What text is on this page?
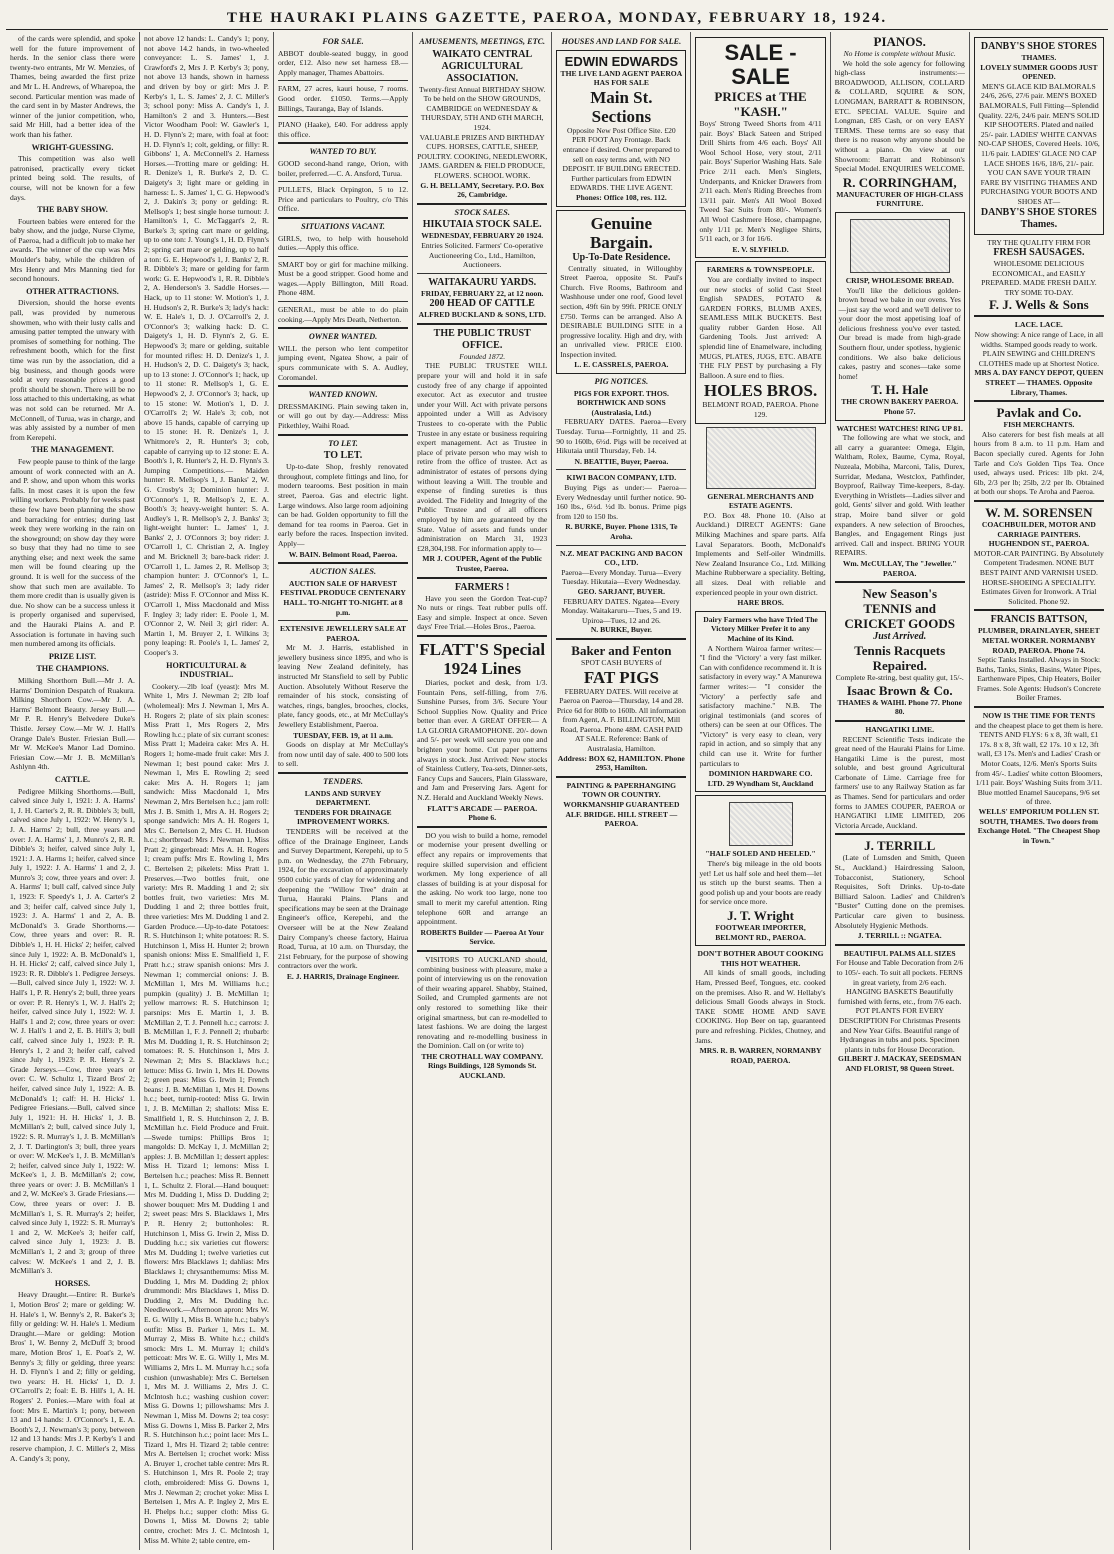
THE HAURAKI PLAINS GAZETTE, PAEROA, MONDAY, FEBRUARY 18, 1924.
of the cards were splendid, and spoke well for the future improvement of herds. In the senior class there were twenty-two entrants, Mr W. Menzies, of Thames, being awarded the first prize and Mr L. H. Andrews, of Wharepoa, the second. Particular mention was made of the card sent in by Master Andrews, the winner of the junior competition, who, said Mr Hill, had a better idea of the work than his father.
WRIGHT-GUESSING.
This competition was also well patronised, practically every ticket printed being sold. The results, of course, will not be known for a few days.
THE BABY SHOW.
Fourteen babies were entered for the baby show, and the judge, Nurse Clyme, of Paeroa, had a difficult job to make her awards. The winner of the cup was Mrs Moulder's baby, while the children of Mrs Henry and Mrs Manning tied for second honours.
OTHER ATTRACTIONS.
Diversion, should the horse events pall, was provided by numerous showmen, who with their lusty calls and amusing patter tempted the unwary with promises of something for nothing. The refreshment booth, which for the first time was run by the association, did a big business, and though goods were sold at very reasonable prices a good profit should be shown. There will be no loss attached to this undertaking, as what was not sold can be returned. Mr A. McConnell, of Turua, was in charge, and was ably assisted by a number of men from Kerepehi.
THE MANAGEMENT.
Few people pause to think of the large amount of work connected with an A. and P. show, and upon whom this works falls. In most cases it is upon the few willing workers. Probably for weeks past these few have been planning the show and barracking for entries; during last week they were working in the rain on the showground; on show day they were so busy that they had no time to see anything else; and next week the same men will be found clearing up the ground. It is well for the success of the show that such men are available. To them more credit than is usually given is due. No show can be a success unless it is properly organised and supervised, and the Hauraki Plains A. and P. Association is fortunate in having such men numbered among its officials.
PRIZE LIST.
THE CHAMPIONS.
Milking Shorthorn Bull.—Mr J. A. Harms' Dominion Despatch of Ruakura. Milking Shorthorn Cow.—Mr J. A. Harms' Belmont Beauty. Jersey Bull.—Mr P. R. Henry's Belvedere Duke's Thistle. Jersey Cow.—Mr W. J. Hall's Orange Dale's Buster. Friesian Bull.—Mr W. McKee's Manor Lad Domino. Friesian Cow.—Mr J. B. McMillan's Ashlynn 4th.
CATTLE.
Pedigree Milking Shorthorns.—Bull, calved since July 1, 1921: J. A. Harms' 1, J. H. Carter's 2, R. R. Dibble's 3; bull, calved since July 1, 1922: W. Henry's 1, J. A. Harms' 2; bull, three years and over: J. A. Harms' 1, J. Munro's 2, R. R. Dibble's 3; heifer, calved since July 1, 1921: J. A. Harms 1; heifer, calved since July 1, 1922: J. A. Harms' 1 and 2, J. Munro's 3; cow, three years and over: J. A. Harms' 1; bull calf, calved since July 1, 1923: F. Speedy's 1, J. A. Carter's 2 and 3; heifer calf, calved since July 1, 1923: J. A. Harms' 1 and 2, A. B. McDonald's 3. Grade Shorthorns.—Cow, three years and over: R. R. Dibble's 1, H. H. Hicks' 2; heifer, calved since July 1, 1922: A. B. McDonald's 1, H. H. Hicks' 2; calf, calved since July 1, 1923: R. R. Dibble's 1. Pedigree Jerseys.—Bull, calved since July 1, 1922: W. J. Hall's 1, P. R. Henry's 2; bull, three years or over: P. R. Henry's 1, W. J. Hall's 2; heifer, calved since July 1, 1922: W. J. Hall's 1 and 2; cow, three years or over: W. J. Hall's 1 and 2, E. B. Hill's 3; bull calf, calved since July 1, 1923: P. R. Henry's 1, 2 and 3; heifer calf, calved since July 1, 1923: P. R. Henry's 2. Grade Jerseys.—Cow, three years or over: C. W. Schultz 1, Tizard Bros' 2; heifer, calved since July 1, 1922: A. B. McDonald's 1; calf: H. H. Hicks' 1. Pedigree Friesians.—Bull, calved since July 1, 1921: H. H. Hicks' 1, J. B. McMillan's 2; bull, calved since July 1, 1922: S. R. Murray's 1, J. B. McMillan's 2, J. T. Darlington's 3; bull, three years or over: W. McKee's 1, J. B. McMillan's 2; heifer, calved since July 1, 1922: W. McKee's 1, J. B. McMillan's 2; cow, three years or over: J. B. McMillan's 1 and 2, W. McKee's 3. Grade Friesians.—Cow, three years or over: J. B. McMillan's 1, S. R. Murray's 2; heifer, calved since July 1, 1922: S. R. Murray's 1 and 2, W. McKee's 3; heifer calf, calved since July 1, 1923: J. B. McMillan's 1, 2 and 3; group of three calves: W. McKee's 1 and 2, J. B. McMillan's 3.
HORSES.
Heavy Draught.—Entire: R. Burke's 1, Motion Bros' 2; mare or gelding: W. H. Hale's 1, W. Benny's 2, R. Baker's 3; filly or gelding: W. H. Hale's 1. Medium Draught.—Mare or gelding: Motion Bros' 1, W. Benny 2, McDuff 3; brood mare, Motion Bros' 1, E. Poat's 2, W. Benny's 3; filly or gelding, three years: H. D. Flynn's 1 and 2; filly or gelding, two years: H. H. Hicks' 1, D. J. O'Carroll's 2; foal: E. B. Hill's 1, A. H. Rogers' 2. Ponies.—Mare with foal at foot: Mrs E. Martin's 1; pony, between 13 and 14 hands: J. O'Connor's 1, E. A. Booth's 2, J. Newman's 3; pony, between 12 and 13 hands: Mrs J. P. Kerby's 1 and reserve champion, J. C. Miller's 2, Miss A. Candy's 3; pony,
not above 12 hands: L. Candy's 1; pony, not above 14.2 hands, in two-wheeled conveyance: L. S. James' 1, J. Crawford's 2, Mrs J. P. Kerby's 3; pony, not above 13 hands, shown in harness and driven by boy or girl: Mrs J. P. Kerby's 1, L. S. James' 2, J. C. Miller's 3; school pony: Miss A. Candy's 1, J. Hamilton's 2 and 3. Hunters.—Best Victor Woodham Pool: W. Gawler's 1, H. D. Flynn's 2; mare, with foal at foot: H. D. Flynn's 1; colt, gelding, or filly: R. Gibbons' 1, A. McConnell's 2. Harness Horses.—Trotting mare or gelding: H. R. Denize's 1, R. Burke's 2, D. C. Daigety's 3; light mare or gelding in harness: L. S. James' 1, C. G. Hepwood's 2, J. Dakin's 3; pony or gelding: R. Mellsop's 1; best single horse turnout: J. Hamilton's 1, C. McTaggart's 2, R. Burke's 3; spring cart mare or gelding, up to one ton: J. Young's 1, H. D. Flynn's 2; spring cart mare or gelding, up to half a ton: G. E. Hepwood's 1, J. Banks' 2, R. R. Dibble's 3; mare or gelding for farm work: G. E. Hepwood's 1, R. R. Dibble's 2, A. Henderson's 3. Saddle Horses.—Hack, up to 11 stone: W. Motion's 1, J. H. Hudson's 2, R. Burke's 3; lady's hack: W. E. Hale's 1, D. J. O'Carroll's 2, J. O'Connor's 3; walking hack: D. C. Daigety's 1, H. D. Flynn's 2, G. E. Hepwood's 3; mare or gelding, suitable for mounted rifles: H. D. Denize's 1, J. H. Hudson's 2, D. C. Daigety's 3; hack, up to 13 stone: J. O'Connor's 1; hack, up to 11 stone: R. Mellsop's 1, G. E. Hepwood's 2, J. O'Connor's 3; hack, up to 15 stone: W. Motion's 1, D. J. O'Carroll's 2; W. Hale's 3; cob, not above 15 hands, capable of carrying up to 15 stone: H. R. Denize's 1, J. Whitmore's 2, R. Hunter's 3; cob, capable of carrying up to 12 stone: E. A. Booth's 1, R. Hunter's 2, H. D. Flynn's 3. Jumping Competitions.— Maiden hunter: R. Mellsop's 1, J. Banks' 2, W. G. Crosby's 3; Dominion hunter: J. O'Connor's 1, R. Mellsop's 2, E. A. Booth's 3; heavy-weight hunter: S. A. Audley's 1, R. Mellsop's 2, J. Banks' 3; light-weight hunter: L. James' 1, J. Banks' 2, J. O'Connors 3; boy rider: J. O'Carroll 1, C. Christian 2, A. Ingley and M. Bricknell 3; bare-back rider: J. O'Carroll 1, L. James 2, R. Mellsop 3; champion hunter: J. O'Connor's 1, L. James' 2, R. Mellsop's 3; lady rider (astride): Miss F. O'Connor and Miss K. O'Carroll 1, Miss Macdonald and Miss F. Ingley 3; lady rider: E. Poole 1, M. O'Connor 2, W. Neil 3; girl rider: A. Martin 1, M. Bruyer 2, I. Wilkins 3; pony leaping: R. Poole's 1, L. James' 2, Cooper's 3.
HORTICULTURAL & INDUSTRIAL.
Cookery.—2lb loaf (yeast): Mrs M. White 1, Mrs J. Newman 2; 2lb loaf (wholemeal): Mrs J. Newman 1, Mrs A. H. Rogers 2; plate of six plain scones: Miss Pratt 1, Mrs Rogers 2, Mrs Rowling h.c.; plate of six currant scones: Miss Pratt 1; Madeira cake: Mrs A. H. Rogers 1; home-made fruit cake: Mrs J. Newman 1; best pound cake: Mrs J. Newman 1, Mrs E. Rowling 2; seed cake: Mrs A. H. Rogers 1; jam sandwich: Miss Macdonald 1, Mrs Newman 2, Mrs Bertelsen h.c.; jam roll: Mrs J. B. Smith 1, Mrs A. H. Rogers 2; sponge sandwich: Mrs A. H. Rogers 1, Mrs C. Bertelson 2, Mrs C. H. Hudson h.c.; shortbread: Mrs J. Newman 1, Miss Pratt 2; gingerbread: Mrs A. H. Rogers 1; cream puffs: Mrs E. Rowling 1, Mrs C. Bertelsen 2; pikelets: Miss Pratt 1. Preserves.—Two bottles fruit, one variety: Mrs R. Madding 1 and 2; six bottles fruit, two varieties: Mrs M. Dudding 1 and 2; three bottles fruit, three varieties: Mrs M. Dudding 1 and 2. Garden Produce.—Up-to-date Potatoes: R. S. Hutchinson 1; white potatoes: R. S. Hutchinson 1, Miss H. Hunter 2; brown spanish onions: Miss E. Smallfield 1, F. Pratt h.c.; straw spanish onions: Mrs J. Newman 1; commercial onions: J. B. McMillan 1, Mrs M. Williams h.c.; pumpkin (quality) J. B. McMillan 1; yellow marrows: R. S. Hutchinson 1; parsnips: Mrs E. Martin 1, J. B. McMillan 2, T. J. Pennell h.c.; carrots: J. B. McMillan 1, F. J. Pennell 2; rhubarb: Mrs M. Dudding 1, R. S. Hutchinson 2; tomatoes: R. S. Hutchinson 1, Mrs J. Newman 2; Mrs S. Blacklaws h.c.; lettuce: Miss G. Irwin 1, Mrs H. Downs 2; green peas: Miss G. Irwin 1; French beans: J. B. McMillan 1, Mrs H. Downs h.c.; beet, turnip-rooted: Miss G. Irwin 1, J. B. McMillan 2; shallots: Miss E. Smallfield 1, R. S. Hutchinson 2, J. B. McMillan h.c. Field Produce and Fruit.—Swede turnips: Phillips Bros 1; mangolds: D. McKay 1, J. McMillan 2; apples: J. B. McMillan 1; dessert apples: Miss H. Tizard 1; lemons: Miss I. Bertelsen h.c.; peaches: Miss R. Bennett 1, L. Schultz 2. Floral.—Hand bouquet: Mrs M. Dudding 1, Miss D. Dudding 2; shower bouquet: Mrs M. Dudding 1 and 2; sweet peas: Mrs S. Blacklaws 1, Mrs P. R. Henry 2; buttonholes: R. Hutchinson 1, Miss G. Irwin 2, Miss D. Dudding h.c.; six varieties cut flowers: Mrs M. Dudding 1; twelve varieties cut flowers: Mrs Blacklaws 1; dahlias: Mrs Blacklaws 1; chrysanthemums: Miss M. Dudding 1, Mrs M. Dudding 2; phlox drummondi: Mrs Blacklaws 1, Miss D. Dudding 2, Mrs M. Dudding h.c. Needlework.—Afternoon apron: Mrs W. E. G. Willy 1, Miss B. White h.c.; baby's outfit: Miss B. Parker 1, Mrs L. M. Murray 2, Miss B. White h.c.; child's smock: Mrs L. M. Murray 1; child's petticoat: Mrs W. E. G. Willy 1, Mrs M. Williams 2, Mrs L. M. Murray h.c.; sofa cushion (unwashable): Mrs C. Bertelsen 1, Mrs M. J. Williams 2, Mrs J. C. McIntosh h.c.; washing cushion cover: Miss G. Downs 1; pillowshams: Mrs J. Newman 1, Miss M. Downs 2; tea cosy: Miss G. Downs 1, Miss B. Parker 2, Mrs R. S. Hutchinson h.c.; point lace: Mrs L. Tizard 1, Mrs H. Tizard 2; table centre: Mrs A. Bertelsen 1; crochet work: Miss A. Bruyer 1, crochet table centre: Mrs R. S. Hutchinson 1, Mrs R. Poole 2; tray cloth, embroidered: Miss G. Downs 1, Mrs J. Newman 2; crochet yoke: Miss I. Bertelsen 1, Mrs A. P. Ingley 2, Mrs E. H. Phelps h.c.; supper cloth: Miss G. Downs 1, Miss M. Downs 2; table centre, crochet: Mrs J. C. McIntosh 1, Miss M. White 2; table centre, em-
FOR SALE.
ABBOT double-seated buggy, in good order, £12. Also new set harness £8.—Apply manager, Thames Abattoirs.
FARM, 27 acres, kauri house, 7 rooms. Good order. £1050. Terms.—Apply Billings, Tauranga, Bay of Islands.
PIANO (Haake), £40. For address apply this office.
WANTED TO BUY.
GOOD second-hand range, Orion, with boiler, preferred.—C. A. Ansford, Turua.
PULLETS, Black Orpington, 5 to 12. Price and particulars to Poultry, c/o This Office.
SITUATIONS VACANT.
GIRLS, two, to help with household duties.—Apply this office.
SMART boy or girl for machine milking. Must be a good stripper. Good home and wages.—Apply Billington, Mill Road. Phone 48M.
GENERAL, must be able to do plain cooking.—Apply Mrs Death, Netherton.
OWNER WANTED.
WILL the person who lent competitor jumping event, Ngatea Show, a pair of spurs communicate with S. A. Audley, Coromandel.
WANTED KNOWN.
DRESSMAKING. Plain sewing taken in, or will go out by day.—Address: Miss Pitkethley, Waihi Road.
TO LET.
TO LET.
Up-to-date Shop, freshly renovated throughout, complete fittings and lino, for modern tearooms. Best position in main street, Paeroa. Gas and electric light. Large windows. Also large room adjoining can be had. Golden opportunity to fill the demand for tea rooms in Paeroa. Get in early before the races. Inspection invited. Apply—
W. BAIN. Belmont Road, Paeroa.
AUCTION SALES.
AUCTION SALE OF HARVEST FESTIVAL PRODUCE CENTENARY HALL. TO-NIGHT TO-NIGHT. at 8 p.m.
EXTENSIVE JEWELLERY SALE AT PAEROA.
Mr M. J. Harris, established in jewellery business since 1895, and who is leaving New Zealand definitely, has instructed Mr Stansfield to sell by Public Auction. Absolutely Without Reserve the remainder of his stock, consisting of watches, rings, bangles, brooches, clocks, plate, fancy goods, etc., at Mr McCullay's Jewellery Establishment, Paeroa.
TUESDAY, FEB. 19, at 11 a.m.
Goods on display at Mr McCullay's from now until day of sale. 400 to 500 lots to sell.
TENDERS.
LANDS AND SURVEY DEPARTMENT.
TENDERS FOR DRAINAGE IMPROVEMENT WORKS.
TENDERS will be received at the office of the Drainage Engineer, Lands and Survey Department, Kerepehi, up to 5 p.m. on Wednesday, the 27th February, 1924, for the excavation of approximately 9500 cubic yards of clay for widening and deepening the "Willow Tree" drain at Turua, Hauraki Plains. Plans and specifications may be seen at the Drainage Engineer's office, Kerepehi, and the Overseer will be at the New Zealand Dairy Company's cheese factory, Hairua Road, Turua, at 10 a.m. on Thursday, the 21st February, for the purpose of showing contractors over the work.
E. J. HARRIS, Drainage Engineer.
AMUSEMENTS, MEETINGS, ETC.
WAIKATO CENTRAL AGRICULTURAL ASSOCIATION.
Twenty-first Annual BIRTHDAY SHOW. To be held on the SHOW GROUNDS, CAMBRIDGE on WEDNESDAY & THURSDAY, 5TH AND 6TH MARCH, 1924.
VALUABLE PRIZES AND BIRTHDAY CUPS. HORSES, CATTLE, SHEEP, POULTRY. COOKING, NEEDLEWORK, JAMS. GARDEN & FIELD PRODUCE, FLOWERS. SCHOOL WORK.
G. H. BELLAMY, Secretary. P.O. Box 26, Cambridge.
STOCK SALES.
HIKUTAIA STOCK SALE.
WEDNESDAY, FEBRUARY 20 1924.
Entries Solicited. Farmers' Co-operative Auctioneering Co., Ltd., Hamilton, Auctioneers.
WAITAKAURU YARDS.
FRIDAY, FEBRUARY 22, at 12 noon.
200 HEAD OF CATTLE
ALFRED BUCKLAND & SONS, LTD.
THE PUBLIC TRUST OFFICE.
Founded 1872.
THE PUBLIC TRUSTEE WILL prepare your will and hold it in safe custody free of any charge if appointed executor. Act as executor and trustee under your Will. Act with private persons appointed under a Will as Advisory Trustees to co-operate with the Public Trustee in any estate or business requiring expert management. Act as Trustee in place of private person who may wish to retire from the office of trustee. Act as administrator of estates of persons dying without leaving a Will. The trouble and expense of finding sureties is thus avoided. The Fidelity and Integrity of the Public Trustee and of all officers employed by him are guaranteed by the State. Value of assets and funds under administration on March 31, 1923 £28,304,198. For information apply to—
MR J. COUPER, Agent of the Public Trustee, Paeroa.
FARMERS !
Have you seen the Gordon Teat-cup? No nuts or rings. Teat rubber pulls off. Easy and simple. Inspect at once. Seven days' Free Trial.—Holes Bros., Paeroa.
FLATT'S Special 1924 Lines
Diaries, pocket and desk, from 1/3. Fountain Pens, self-filling, from 7/6. Sunshine Purses, from 3/6. Secure Your School Supplies Now. Quality and Price better than ever. A GREAT OFFER— A LA GLORIA GRAMOPHONE. 20/- down and 5/- per week will secure you one and brighten your home. Cut paper patterns always in stock. Just Arrived: New stocks of Stainless Cutlery, Tea-sets, Dinner-sets, Fancy Cups and Saucers, Plain Glassware, and Jam and Preserving Jars. Agent for N.Z. Herald and Auckland Weekly News.
FLATT'S ARCADE — PAEROA. Phone 6.
DO you wish to build a home, remodel or modernise your present dwelling or effect any repairs or improvements that require skilled supervision and efficient workmen. My long experience of all classes of building is at your disposal for the asking. No work too large, none too small to merit my careful attention. Ring telephone 60R and arrange an appointment.
ROBERTS Builder — Paeroa At Your Service.
VISITORS TO AUCKLAND should, combining business with pleasure, make a point of interviewing us on the renovation of their wearing apparel. Shabby, Stained, Soiled, and Crumpled garments are not only restored to something like their original smartness, but can re-modelled to latest fashions. We are doing the largest renovating and re-modelling business in the Dominion. Call on (or write to)
THE CROTHALL WAY COMPANY. Rings Buildings, 128 Symonds St. AUCKLAND.
HOUSES AND LAND FOR SALE.
EDWIN EDWARDS
THE LIVE LAND AGENT PAEROA HAS FOR SALE
Main St. Sections
Opposite New Post Office Site. £20 PER FOOT Any Frontage. Back entrance if desired. Owner prepared to sell on easy terms and, with NO DEPOSIT. IF BUILDING ERECTED. Further particulars from EDWIN EDWARDS. THE LIVE AGENT.
Phones: Office 108, res. 112.
Genuine Bargain.
Up-To-Date Residence.
Centrally situated, in Willoughby Street Paeroa, opposite St. Paul's Church. Five Rooms, Bathroom and Washhouse under one roof, Good level section, 49ft 6in by 99ft. PRICE ONLY £750. Terms can be arranged. Also A DESIRABLE BUILDING SITE in a progressive locality. High and dry, with an unrivalled view. PRICE £100. Inspection invited.
L. E. CASSRELS, PAEROA.
PIG NOTICES.
PIGS FOR EXPORT. THOS. BORTHWICK AND SONS (Australasia, Ltd.)
FEBRUARY DATES. Paeroa—Every Tuesday. Turua—Fortnightly, 11 and 25. 90 to 160lb, 6½d. Pigs will be received at Hikutaia until Thursday, Feb. 14.
N. BEATTIE, Buyer, Paeroa.
KIWI BACON COMPANY, LTD.
Buying Pigs as under:— Paeroa—Every Wednesday until further notice. 90-160 lbs., 6½d. ½d lb. bonus. Prime pigs from 120 to 150 lbs.
R. BURKE, Buyer. Phone 131S, Te Aroha.
N.Z. MEAT PACKING AND BACON CO., LTD.
Paeroa—Every Monday. Turua—Every Tuesday. Hikutaia—Every Wednesday.
GEO. SARJANT, BUYER.
FEBRUARY DATES. Ngatea—Every Monday. Waitakaruru—Tues, 5 and 19. Upiroa—Tues, 12 and 26.
N. BURKE, Buyer.
Baker and Fenton
SPOT CASH BUYERS of
FAT PIGS
FEBRUARY DATES. Will receive at Paeroa on Paeroa—Thursday, 14 and 28. Price 6d for 80lb to 160lb. All information from Agent, A. F. BILLINGTON, Mill Road, Paeroa. Phone 48M. CASH PAID AT SALE. Reference: Bank of Australasia, Hamilton.
Address: BOX 62, HAMILTON. Phone 2953, Hamilton.
PAINTING & PAPERHANGING TOWN OR COUNTRY. WORKMANSHIP GUARANTEED ALF. BRIDGE. HILL STREET — PAEROA.
SALE - SALE
PRICES at THE "KASH."
Boys' Strong Tweed Shorts from 4/11 pair. Boys' Black Sateen and Striped Drill Shirts from 4/6 each. Boys' All Wool School Hose, very stout, 2/11 pair. Boys' Superior Washing Hats. Sale Price 2/11 each. Men's Singlets, Underpants, and Knicker Drawers from 2/11 each. Men's Riding Breeches from 13/11 pair. Men's All Wool Boxed Tweed Sac Suits from 80/-. Women's All Wool Cashmere Hose, champagne, only 1/11 pr. Men's Negligee Shirts, 5/11 each, or 3 for 16/6.
E. V. SLYFIELD.
FARMERS & TOWNSPEOPLE.
You are cordially invited to inspect our new stocks of solid Cast Steel English SPADES, POTATO & GARDEN FORKS, BLUMB AXES, SEAMLESS MILK BUCKETS. Best quality rubber Garden Hose. All Gardening Tools. Just arrived: A splendid line of Enamelware, including MUGS, PLATES, JUGS, ETC. ABATE THE FLY PEST by purchasing a Fly Balloon. A sure end to flies.
HOLES BROS.
BELMONT ROAD, PAEROA. Phone 129.
GENERAL MERCHANTS AND ESTATE AGENTS.
P.O. Box 48. Phone 10. (Also at Auckland.) DIRECT AGENTS: Gane Milking Machines and spare parts. Alfa Laval Separators. Booth, McDonald's Implements and Self-oiler Windmills. New Zealand Insurance Co., Ltd. Milking Machine Rubberware a speciality. Belting, all sizes. Deal with reliable and experienced people in your own district.
HARE BROS.
Dairy Farmers who have Tried The Victory Milker Prefer it to any Machine of its Kind.
A Northern Wairoa farmer writes:— "I find the 'Victory' a very fast milker. Can with confidence recommend it. It is satisfactory in every way." A Manurewa farmer writes:— "I consider the 'Victory' a perfectly safe and satisfactory machine." N.B. The original testimonials (and scores of others) can be seen at our Offices. The "Victory" is very easy to clean, very rapid in action, and so simply that any child can use it. Write for further particulars to
DOMINION HARDWARE CO. LTD. 29 Wyndham St, Auckland
"HALF SOLED AND HEELED."
There's big mileage in the old boots yet! Let us half sole and heel them—let us stitch up the burst seams. Then a good polish up and your boots are ready for service once more.
J. T. Wright
FOOTWEAR IMPORTER, BELMONT RD., PAEROA.
DON'T BOTHER ABOUT COOKING THIS HOT WEATHER.
All kinds of small goods, including Ham, Pressed Beef, Tongues, etc. cooked on the premises. Also R. and W. Hellaby's delicious Small Goods always in Stock. TAKE SOME HOME AND SAVE COOKING. Hop Beer on tap, guaranteed pure and refreshing. Pickles, Chutney, and Jams.
MRS. R. B. WARREN, NORMANBY ROAD, PAEROA.
PIANOS.
No Home is complete without Music.
We hold the sole agency for following high-class instruments:— BROADWOOD, ALLISON, COLLARD & COLLARD, SQUIRE & SON, LONGMAN, BARRATT & ROBINSON, ETC. SPECIAL VALUE. Squire and Longman, £85 Cash, or on very EASY TERMS. These terms are so easy that there is no reason why anyone should be without a piano. On view at our Showroom: Barratt and Robinson's Special Model. ENQUIRIES WELCOME.
R. CORRINGHAM,
MANUFACTURER OF HIGH-CLASS FURNITURE.
CRISP, WHOLESOME BREAD.
You'll like the delicious golden-brown bread we bake in our ovens. Yes—just say the word and we'll deliver to your door the most appetising loaf of delicious freshness you've ever tasted. Our bread is made from high-grade Southern flour, under spotless, hygienic conditions. We also bake delicious cakes, pastry and scones—take some home!
T. H. Hale
THE CROWN BAKERY PAEROA. Phone 57.
WATCHES! WATCHES! RING UP 81.
The following are what we stock, and all carry a guarantee: Omega, Elgin, Waltham, Rolex, Baume, Cyma, Royal, Nuzeala, Mobiha, Marconi, Talis, Durex, Surridar, Medana, Westclox, Pathfinder, Boyproof, Railway Time-keepers, 8-day. Everything in Wristlets—Ladies silver and gold, Gents' silver and gold. With leather strap, Moire band silver or gold expanders. A new selection of Brooches, Bangles, and Engagement Rings just arrived. Call and inspect. BRING YOUR REPAIRS.
Wm. McCULLAY, The "Jeweller." PAEROA.
New Season's
TENNIS and CRICKET GOODS
Just Arrived.
Tennis Racquets Repaired.
Complete Re-string, best quality gut, 15/-.
Isaac Brown & Co.
THAMES & WAIHI. Phone 77. Phone 80.
HANGATIKI LIME.
RECENT Scientific Tests indicate the great need of the Hauraki Plains for Lime. Hangatiki Lime is the purest, most soluble, and best ground Agricultural Carbonate of Lime. Carriage free for farmers' use to any Railway Station as far as Thames. Send for particulars and order forms to JAMES COUPER, PAEROA or HANGATIKI LIME LIMITED, 206 Victoria Arcade, Auckland.
J. TERRILL
(Late of Lumsden and Smith, Queen St., Auckland.) Hairdressing Saloon, Tobacconist, Stationery, School Requisites, Soft Drinks. Up-to-date Billiard Saloon. Ladies' and Children's "Buster" Cutting done on the premises. Particular care given to business. Absolutely Hygienic Methods.
J. TERRILL :: NGATEA.
BEAUTIFUL PALMS ALL SIZES
For House and Table Decoration from 2/6 to 105/- each. To suit all pockets. FERNS in great variety, from 2/6 each. HANGING BASKETS Beautifully furnished with ferns, etc., from 7/6 each. POT PLANTS FOR EVERY DESCRIPTION For Christmas Presents and New Year Gifts. Beautiful range of Hydrangeas in tubs and pots. Specimen plants in tubs for House Decoration.
GILBERT J. MACKAY, SEEDSMAN AND FLORIST, 98 Queen Street.
DANBY'S SHOE STORES
THAMES.
LOVELY SUMMER GOODS JUST OPENED.
MEN'S GLACE KID BALMORALS 24/6, 26/6, 27/6 pair. MEN'S BOXED BALMORALS, Full Fitting—Splendid Quality. 22/6, 24/6 pair. MEN'S SOLID KIP SHOOTERS. Plated and nailed 25/- pair. LADIES' WHITE CANVAS NO-CAP SHOES, Covered Heels. 10/6, 11/6 pair. LADIES' GLACE NO CAP LACE SHOES 16/6, 18/6, 21/- pair.
YOU CAN SAVE YOUR TRAIN FARE BY VISITING THAMES AND PURCHASING YOUR BOOTS AND SHOES AT—
DANBY'S SHOE STORES Thames.
TRY THE QUALITY FIRM FOR
FRESH SAUSAGES.
WHOLESOME DELICIOUS ECONOMICAL, and EASILY PREPARED. MADE FRESH DAILY. TRY SOME TO-DAY.
F. J. Wells & Sons
LACE. LACE.
Now showing: A nice range of Lace, in all widths. Stamped goods ready to work. PLAIN SEWING and CHILDREN'S CLOTHES made up at Shortest Notice.
MRS A. DAY FANCY DEPOT, QUEEN STREET — THAMES. Opposite Library, Thames.
Pavlak and Co.
FISH MERCHANTS.
Also caterers for best fish meals at all hours from 8 a.m. to 11 p.m. Ham and Bacon specially cured. Agents for John Tarle and Co's Golden Tips Tea. Once used, always used. Prices: 1lb pkt. 2/4, 6lb, 2/3 per lb; 25lb, 2/2 per lb. Obtained at both our shops. Te Aroha and Paeroa.
W. M. SORENSEN
COACHBUILDER, MOTOR AND CARRIAGE PAINTERS. HUGHENDON ST., PAEROA.
MOTOR-CAR PAINTING. By Absolutely Competent Tradesmen. NONE BUT BEST PAINT AND VARNISH USED. HORSE-SHOEING A SPECIALITY. Estimates Given for Ironwork. A Trial Solicited. Phone 92.
FRANCIS BATTSON,
PLUMBER, DRAINLAYER, SHEET METAL WORKER. NORMANBY ROAD, PAEROA. Phone 74.
Septic Tanks Installed. Always in Stock: Baths, Tanks, Sinks, Basins, Water Pipes, Earthenware Pipes, Chip Heaters, Boiler Frames. Sole Agents: Hudson's Concrete Boiler Frames.
NOW IS THE TIME FOR TENTS
and the cheapest place to get them is here. TENTS AND FLYS: 6 x 8, 3ft wall, £1 17s. 8 x 8, 3ft wall, £2 17s. 10 x 12, 3ft wall, £3 17s. Men's and Ladies' Crash or Motor Coats, 12/6. Men's Sports Suits from 45/-. Ladies' white cotton Bloomers, 1/11 pair. Boys' Washing Suits from 3/11. Blue mottled Enamel Saucepans, 9/6 set of three.
WELLS' EMPORIUM POLLEN ST. SOUTH, THAMES. Two doors from Exchange Hotel. "The Cheapest Shop in Town."
